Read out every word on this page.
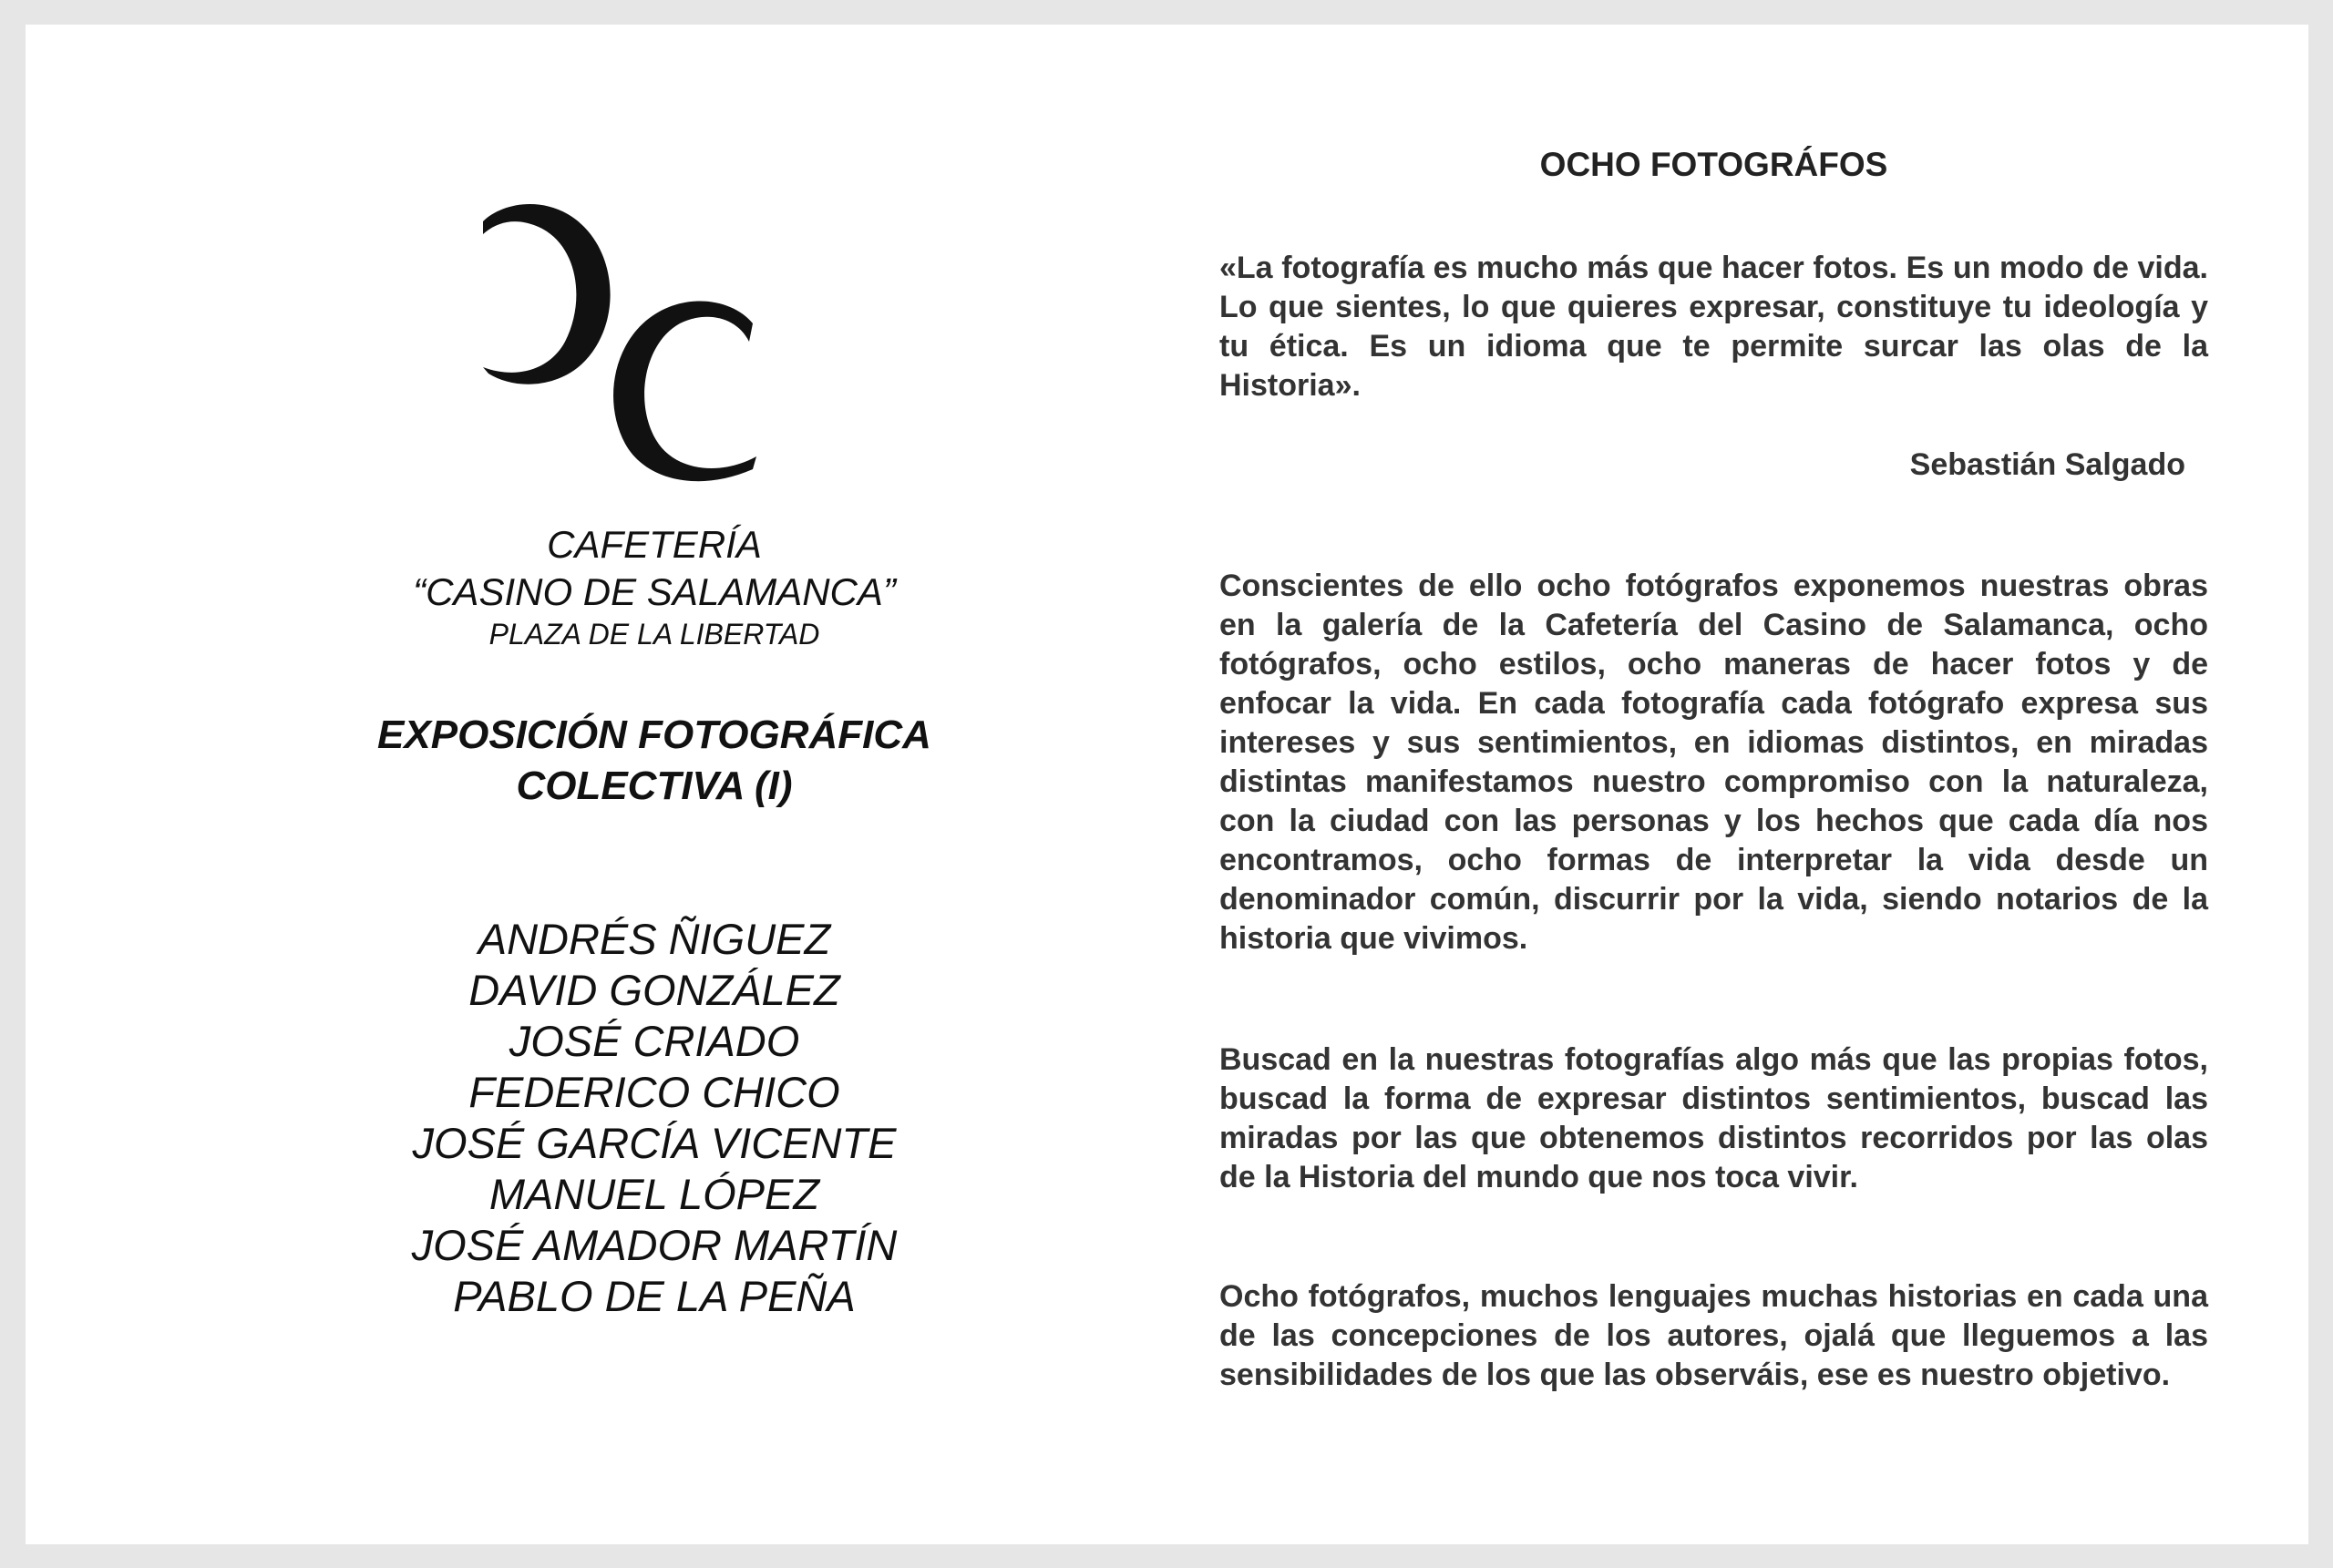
CAFETERÍA
“CASINO DE SALAMANCA”
PLAZA DE LA LIBERTAD
EXPOSICIÓN FOTOGRÁFICA
COLECTIVA (I)
ANDRÉS ÑIGUEZ
DAVID GONZÁLEZ
JOSÉ CRIADO
FEDERICO CHICO
JOSÉ GARCÍA VICENTE
MANUEL LÓPEZ
JOSÉ AMADOR MARTÍN
PABLO DE LA PEÑA
OCHO FOTOGRÁFOS

«La fotografía es mucho más que hacer fotos. Es un modo de vida. Lo que sientes, lo que quieres expresar, constituye tu ideología y tu ética. Es un idioma que te permite surcar las olas de la Historia».

Sebastián Salgado

Conscientes de ello ocho fotógrafos exponemos nuestras obras en la galería de la Cafetería del Casino de Salamanca, ocho fotógrafos, ocho estilos, ocho maneras de hacer fotos y de enfocar la vida. En cada fotografía cada fotógrafo expresa sus intereses y sus sentimientos, en idiomas distintos, en miradas distintas manifestamos nuestro compromiso con la naturaleza, con la ciudad con las personas y los hechos que cada día nos encontramos, ocho formas de interpretar la vida desde un denominador común, discurrir por la vida, siendo notarios de la historia que vivimos.

Buscad en la nuestras fotografías algo más que las propias fotos, buscad la forma de expresar distintos sentimientos, buscad las miradas por las que obtenemos distintos recorridos por las olas de la Historia del mundo que nos toca vivir.

Ocho fotógrafos, muchos lenguajes muchas historias en cada una de las concepciones de los autores, ojalá que lleguemos a las sensibilidades de los que las observáis, ese es nuestro objetivo.
